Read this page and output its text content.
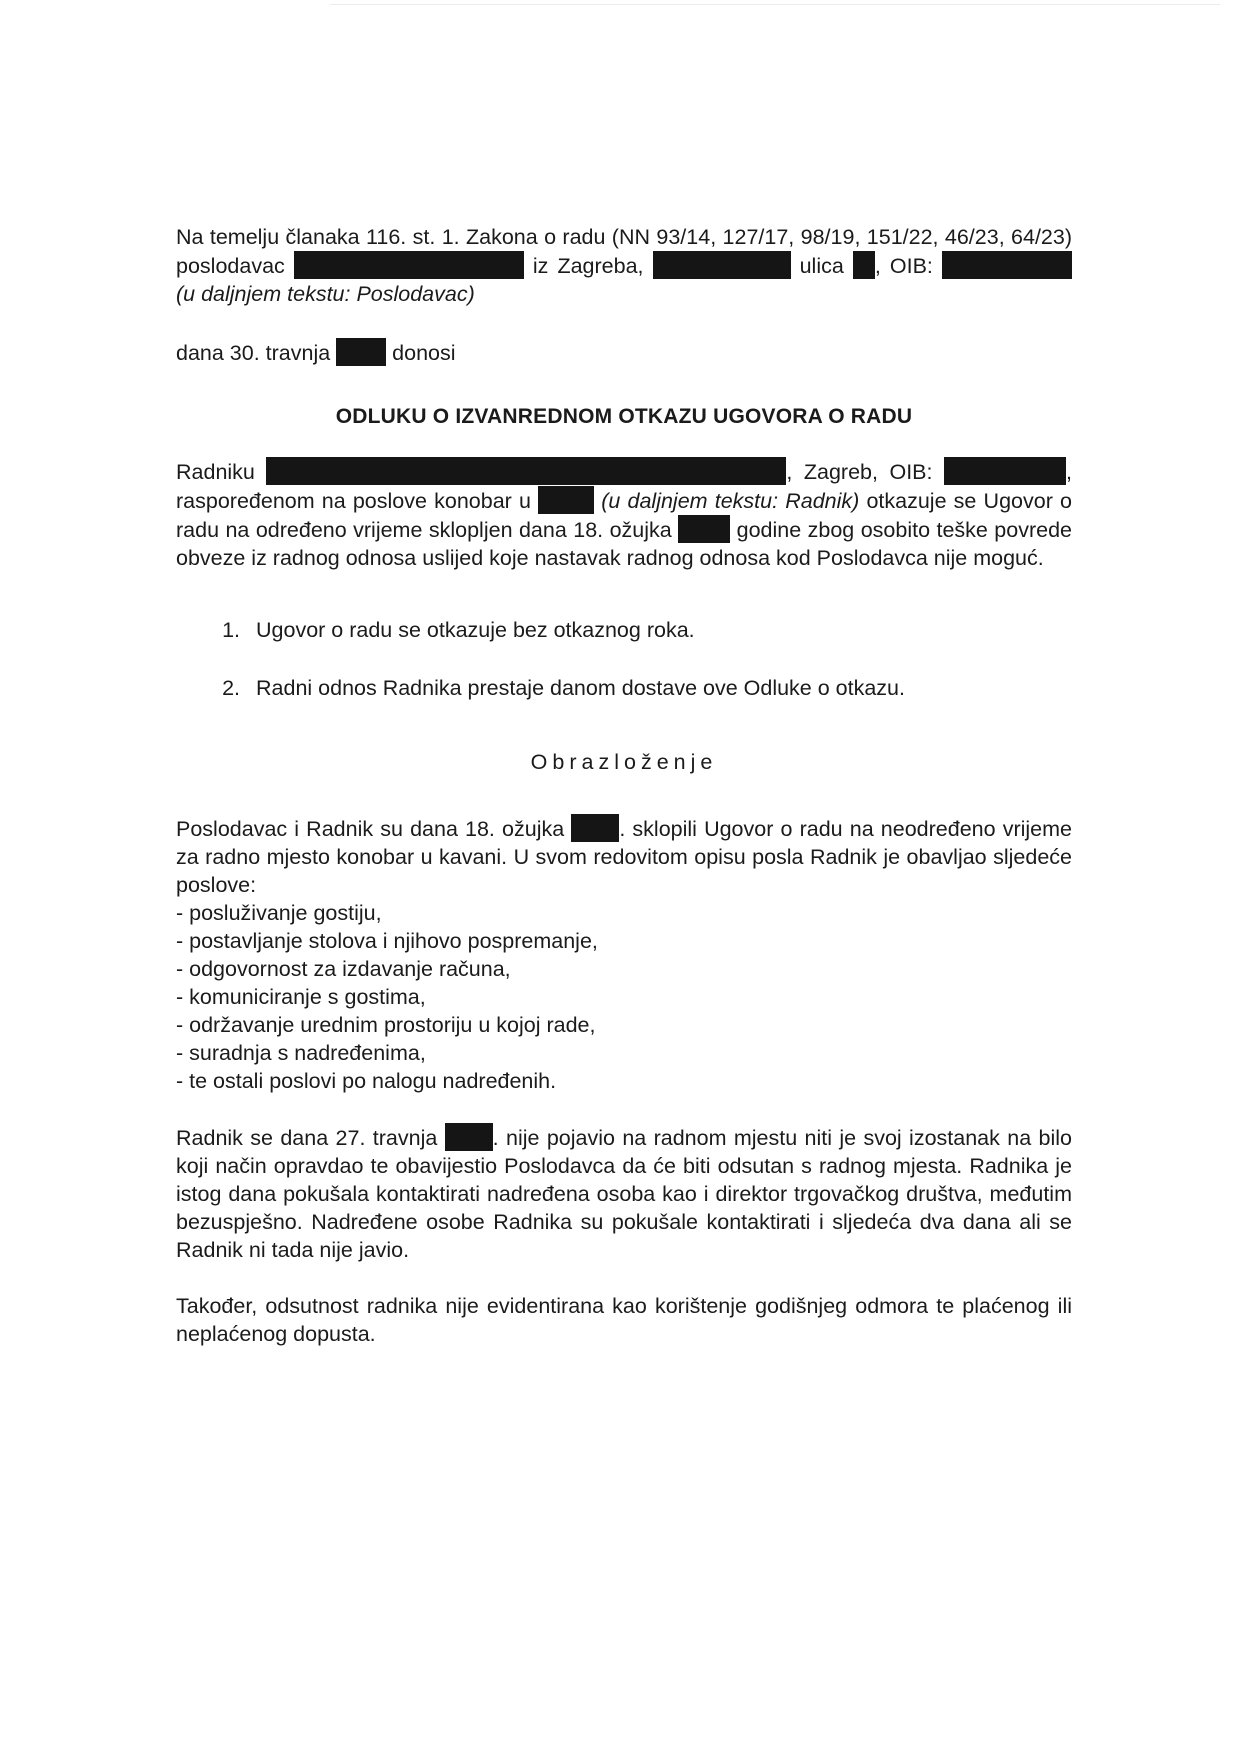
Na temelju članaka 116. st. 1. Zakona o radu (NN 93/14, 127/17, 98/19, 151/22, 46/23, 64/23) poslodavac	iz Zagreba,	ulica , OIB:  (u daljnjem tekstu: Poslodavac)

dana 30. travnja	donosi

ODLUKU O IZVANREDNOM OTKAZU UGOVORA O RADU

Radniku	, Zagreb, OIB:	, raspoređenom na poslove konobar u	(u daljnjem tekstu: Radnik) otkazuje se Ugovor o radu na određeno vrijeme sklopljen dana 18. ožujka	godine zbog osobito teške povrede obveze iz radnog odnosa uslijed koje nastavak radnog odnosa kod Poslodavca nije moguć.

1. Ugovor o radu se otkazuje bez otkaznog roka.
2. Radni odnos Radnika prestaje danom dostave ove Odluke o otkazu.

Obrazloženje

Poslodavac i Radnik su dana 18. ožujka	. sklopili Ugovor o radu na neodređeno vrijeme za radno mjesto konobar u kavani. U svom redovitom opisu posla Radnik je obavljao sljedeće poslove:

- posluživanje gostiju,
- postavljanje stolova i njihovo pospremanje,
- odgovornost za izdavanje računa,
- komuniciranje s gostima,
- održavanje urednim prostoriju u kojoj rade,
- suradnja s nadređenima,
- te ostali poslovi po nalogu nadređenih.

Radnik se dana 27. travnja	. nije pojavio na radnom mjestu niti je svoj izostanak na bilo koji način opravdao te obavijestio Poslodavca da će biti odsutan s radnog mjesta. Radnika je istog dana pokušala kontaktirati nadređena osoba kao i direktor trgovačkog društva, međutim bezuspješno. Nadređene osobe Radnika su pokušale kontaktirati i sljedeća dva dana ali se Radnik ni tada nije javio.

Također, odsutnost radnika nije evidentirana kao korištenje godišnjeg odmora te plaćenog ili neplaćenog dopusta.
